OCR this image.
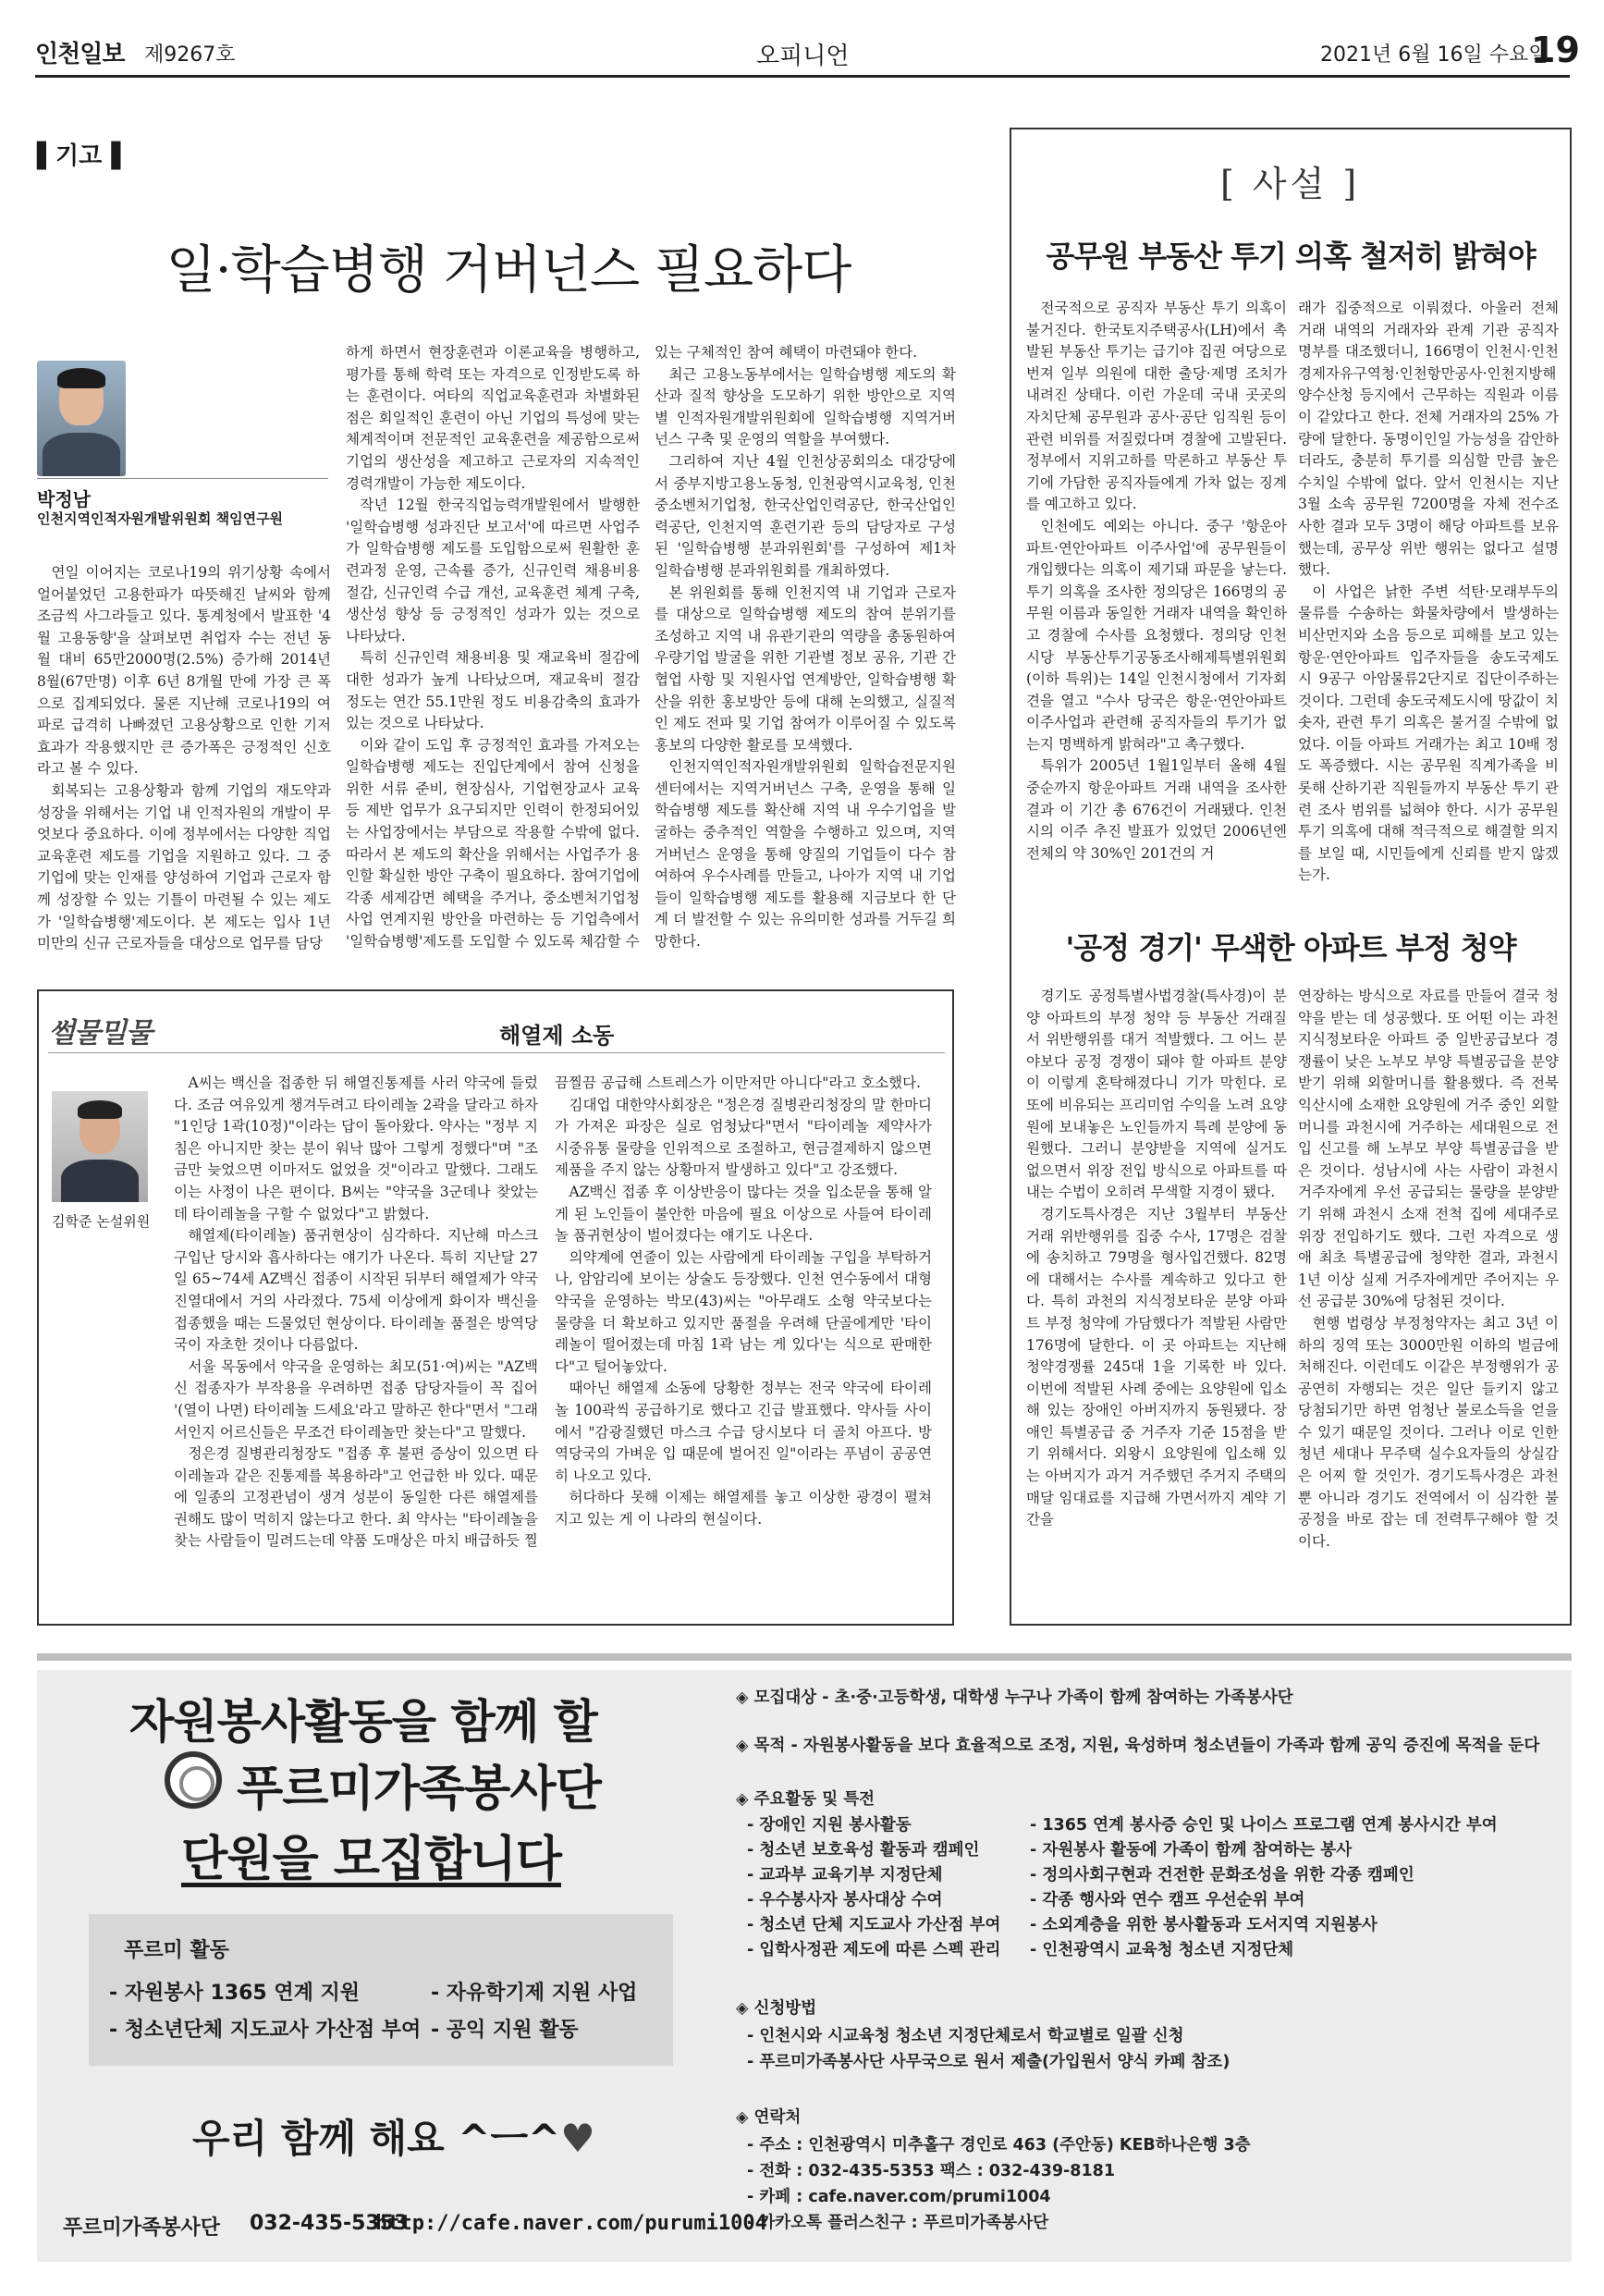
인천일보 제9267호	오피니언	2021년 6월 16일 수요일
19
▌기고▐
일·학습병행 거버넌스 필요하다
박정남
인천지역인적자원개발위원회 책임연구원

연일 이어지는 코로나19의 위기상황 속에서 얼어붙었던 고용한파가 따뜻해진 날씨와 함께 조금씩 사그라들고 있다. 통계청에서 발표한 '4월 고용동향'을 살펴보면 취업자 수는 전년 동월 대비 65만2000명(2.5%) 증가해 2014년 8월(67만명) 이후 6년 8개월 만에 가장 큰 폭으로 집계되었다. 물론 지난해 코로나19의 여파로 급격히 나빠졌던 고용상황으로 인한 기저효과가 작용했지만 큰 증가폭은 긍정적인 신호라고 볼 수 있다.

회복되는 고용상황과 함께 기업의 재도약과 성장을 위해서는 기업 내 인적자원의 개발이 무엇보다 중요하다. 이에 정부에서는 다양한 직업교육훈련 제도를 기업을 지원하고 있다. 그 중 기업에 맞는 인재를 양성하여 기업과 근로자 함께 성장할 수 있는 기틀이 마련될 수 있는 제도가 '일학습병행'제도이다. 본 제도는 입사 1년 미만의 신규 근로자들을 대상으로 업무를 담당

하게 하면서 현장훈련과 이론교육을 병행하고, 평가를 통해 학력 또는 자격으로 인정받도록 하는 훈련이다. 여타의 직업교육훈련과 차별화된 점은 회일적인 훈련이 아닌 기업의 특성에 맞는 체계적이며 전문적인 교육훈련을 제공함으로써 기업의 생산성을 제고하고 근로자의 지속적인 경력개발이 가능한 제도이다.

작년 12월 한국직업능력개발원에서 발행한 '일학습병행 성과진단 보고서'에 따르면 사업주가 일학습병행 제도를 도입함으로써 원활한 훈련과정 운영, 근속률 증가, 신규인력 채용비용 절감, 신규인력 수급 개선, 교육훈련 체계 구축, 생산성 향상 등 긍정적인 성과가 있는 것으로 나타났다.

특히 신규인력 채용비용 및 재교육비 절감에 대한 성과가 높게 나타났으며, 재교육비 절감 정도는 연간 55.1만원 정도 비용감축의 효과가 있는 것으로 나타났다.

이와 같이 도입 후 긍정적인 효과를 가져오는 일학습병행 제도는 진입단계에서 참여 신청을 위한 서류 준비, 현장심사, 기업현장교사 교육 등 제반 업무가 요구되지만 인력이 한정되어있는 사업장에서는 부담으로 작용할 수밖에 없다. 따라서 본 제도의 확산을 위해서는 사업주가 용인할 확실한 방안 구축이 필요하다. 참여기업에 각종 세제감면 혜택을 주거나, 중소벤처기업청 사업 연계지원 방안을 마련하는 등 기업측에서 '일학습병행'제도를 도입할 수 있도록 체감할 수

있는 구체적인 참여 혜택이 마련돼야 한다.

최근 고용노동부에서는 일학습병행 제도의 확산과 질적 향상을 도모하기 위한 방안으로 지역별 인적자원개발위원회에 일학습병행 지역거버넌스 구축 및 운영의 역할을 부여했다.

그리하여 지난 4월 인천상공회의소 대강당에서 중부지방고용노동청, 인천광역시교육청, 인천중소벤처기업청, 한국산업인력공단, 한국산업인력공단, 인천지역 훈련기관 등의 담당자로 구성된 '일학습병행 분과위원회'를 구성하여 제1차 일학습병행 분과위원회를 개최하였다.

본 위원회를 통해 인천지역 내 기업과 근로자를 대상으로 일학습병행 제도의 참여 분위기를 조성하고 지역 내 유관기관의 역량을 총동원하여 우량기업 발굴을 위한 기관별 정보 공유, 기관 간 협업 사항 및 지원사업 연계방안, 일학습병행 확산을 위한 홍보방안 등에 대해 논의했고, 실질적인 제도 전파 및 기업 참여가 이루어질 수 있도록 홍보의 다양한 활로를 모색했다.

인천지역인적자원개발위원회 일학습전문지원센터에서는 지역거버넌스 구축, 운영을 통해 일학습병행 제도를 확산해 지역 내 우수기업을 발굴하는 중추적인 역할을 수행하고 있으며, 지역거버넌스 운영을 통해 양질의 기업들이 다수 참여하여 우수사례를 만들고, 나아가 지역 내 기업들이 일학습병행 제도를 활용해 지금보다 한 단계 더 발전할 수 있는 유의미한 성과를 거두길 희망한다.

[ 사설 ]
공무원 부동산 투기 의혹 철저히 밝혀야

전국적으로 공직자 부동산 투기 의혹이 불거진다. 한국토지주택공사(LH)에서 촉발된 부동산 투기는 급기야 집권 여당으로 번져 일부 의원에 대한 출당·제명 조치가 내려진 상태다. 이런 가운데 국내 곳곳의 자치단체 공무원과 공사·공단 임직원 등이 관련 비위를 저질렀다며 경찰에 고발된다. 정부에서 지위고하를 막론하고 부동산 투기에 가담한 공직자들에게 가차 없는 징계를 예고하고 있다.

인천에도 예외는 아니다. 중구 '항운아파트·연안아파트 이주사업'에 공무원들이 개입했다는 의혹이 제기돼 파문을 낳는다. 투기 의혹을 조사한 정의당은 166명의 공무원 이름과 동일한 거래자 내역을 확인하고 경찰에 수사를 요청했다. 정의당 인천시당 부동산투기공동조사해제특별위원회(이하 특위)는 14일 인천시청에서 기자회견을 열고 "수사 당국은 항운·연안아파트 이주사업과 관련해 공직자들의 투기가 없는지 명백하게 밝혀라"고 촉구했다.

특위가 2005년 1월1일부터 올해 4월 중순까지 항운아파트 거래 내역을 조사한 결과 이 기간 총 676건이 거래됐다. 인천시의 이주 추진 발표가 있었던 2006년엔 전체의 약 30%인 201건의 거

래가 집중적으로 이뤄졌다. 아울러 전체 거래 내역의 거래자와 관계 기관 공직자 명부를 대조했더니, 166명이 인천시·인천경제자유구역청·인천항만공사·인천지방해양수산청 등지에서 근무하는 직원과 이름이 같았다고 한다. 전체 거래자의 25% 가량에 달한다. 동명이인일 가능성을 감안하더라도, 충분히 투기를 의심할 만큼 높은 수치일 수밖에 없다. 앞서 인천시는 지난 3월 소속 공무원 7200명을 자체 전수조사한 결과 모두 3명이 해당 아파트를 보유했는데, 공무상 위반 행위는 없다고 설명했다.

이 사업은 낡한 주변 석탄·모래부두의 물류를 수송하는 화물차량에서 발생하는 비산먼지와 소음 등으로 피해를 보고 있는 항운·연안아파트 입주자들을 송도국제도시 9공구 아암물류2단지로 집단이주하는 것이다. 그런데 송도국제도시에 땅값이 치솟자, 관련 투기 의혹은 불거질 수밖에 없었다. 이들 아파트 거래가는 최고 10배 정도 폭증했다. 시는 공무원 직계가족을 비롯해 산하기관 직원들까지 부동산 투기 관련 조사 범위를 넓혀야 한다. 시가 공무원 투기 의혹에 대해 적극적으로 해결할 의지를 보일 때, 시민들에게 신뢰를 받지 않겠는가.

'공정 경기' 무색한 아파트 부정 청약

경기도 공정특별사법경찰(특사경)이 분양 아파트의 부정 청약 등 부동산 거래질서 위반행위를 대거 적발했다. 그 어느 분야보다 공정 경쟁이 돼야 할 아파트 분양이 이렇게 혼탁해졌다니 기가 막힌다. 로또에 비유되는 프리미엄 수익을 노려 요양원에 보내놓은 노인들까지 특례 분양에 동원했다. 그러니 분양받을 지역에 실거도 없으면서 위장 전입 방식으로 아파트를 따내는 수법이 오히려 무색할 지경이 됐다.

경기도특사경은 지난 3월부터 부동산 거래 위반행위를 집중 수사, 17명은 검찰에 송치하고 79명을 형사입건했다. 82명에 대해서는 수사를 계속하고 있다고 한다. 특히 과천의 지식정보타운 분양 아파트 부정 청약에 가담했다가 적발된 사람만 176명에 달한다. 이 곳 아파트는 지난해 청약경쟁률 245대 1을 기록한 바 있다. 이번에 적발된 사례 중에는 요양원에 입소해 있는 장애인 아버지까지 동원됐다. 장애인 특별공급 중 거주자 기준 15점을 받기 위해서다. 외왕시 요양원에 입소해 있는 아버지가 과거 거주했던 주거지 주택의 매달 임대료를 지급해 가면서까지 계약 기간을

연장하는 방식으로 자료를 만들어 결국 청약을 받는 데 성공했다. 또 어떤 이는 과천 지식정보타운 아파트 중 일반공급보다 경쟁률이 낮은 노부모 부양 특별공급을 분양 받기 위해 외할머니를 활용했다. 즉 전북익산시에 소재한 요양원에 거주 중인 외할머니를 과천시에 거주하는 세대원으로 전입 신고를 해 노부모 부양 특별공급을 받은 것이다. 성남시에 사는 사람이 과천시 거주자에게 우선 공급되는 물량을 분양받기 위해 과천시 소재 전척 집에 세대주로 위장 전입하기도 했다. 그런 자격으로 생애 최초 특별공급에 청약한 결과, 과천시 1년 이상 실제 거주자에게만 주어지는 우선 공급분 30%에 당첨된 것이다.

현행 법령상 부정청약자는 최고 3년 이하의 징역 또는 3000만원 이하의 벌금에 처해진다. 이런데도 이같은 부정행위가 공공연히 자행되는 것은 일단 들키지 않고 당첨되기만 하면 엄청난 불로소득을 얻을 수 있기 때문일 것이다. 그러나 이로 인한 청년 세대나 무주택 실수요자들의 상실감은 어찌 할 것인가. 경기도특사경은 과천 뿐 아니라 경기도 전역에서 이 심각한 불공정을 바로 잡는 데 전력투구해야 할 것이다.

썰물밀물	해열제 소동
김학준 논설위원

A씨는 백신을 접종한 뒤 해열진통제를 사러 약국에 들렀다. 조금 여유있게 챙겨두려고 타이레놀 2곽을 달라고 하자 "1인당 1곽(10정)"이라는 답이 돌아왔다. 약사는 "정부 지침은 아니지만 찾는 분이 워낙 많아 그렇게 정했다"며 "조금만 늦었으면 이마저도 없었을 것"이라고 말했다. 그래도 이는 사정이 나은 편이다. B씨는 "약국을 3군데나 찾았는데 타이레놀을 구할 수 없었다"고 밝혔다.

해열제(타이레놀) 품귀현상이 심각하다. 지난해 마스크 구입난 당시와 흡사하다는 얘기가 나온다. 특히 지난달 27일 65~74세 AZ백신 접종이 시작된 뒤부터 해열제가 약국 진열대에서 거의 사라졌다. 75세 이상에게 화이자 백신을 접종했을 때는 드물었던 현상이다. 타이레놀 품절은 방역당국이 자초한 것이나 다름없다.

서울 목동에서 약국을 운영하는 최모(51·여)씨는 "AZ백신 접종자가 부작용을 우려하면 접종 담당자들이 꼭 집어 '(열이 나면) 타이레놀 드세요'라고 말하곤 한다"면서 "그래서인지 어르신들은 무조건 타이레놀만 찾는다"고 말했다.

정은경 질병관리청장도 "접종 후 불편 증상이 있으면 타이레놀과 같은 진통제를 복용하라"고 언급한 바 있다. 때문에 일종의 고정관념이 생겨 성분이 동일한 다른 해열제를 권해도 많이 먹히지 않는다고 한다. 최 약사는 "타이레놀을 찾는 사람들이 밀려드는데 약품 도매상은 마치 배급하듯 찔

끔찔끔 공급해 스트레스가 이만저만 아니다"라고 호소했다.

김대업 대한약사회장은 "정은경 질병관리청장의 말 한마디가 가져온 파장은 실로 엄청났다"면서 "타이레놀 제약사가 시중유통 물량을 인위적으로 조절하고, 현금결제하지 않으면 제품을 주지 않는 상황마저 발생하고 있다"고 강조했다.

AZ백신 접종 후 이상반응이 많다는 것을 입소문을 통해 알게 된 노인들이 불안한 마음에 필요 이상으로 사들여 타이레놀 품귀현상이 벌어졌다는 얘기도 나온다.

의약계에 연줄이 있는 사람에게 타이레놀 구입을 부탁하거나, 암암리에 보이는 상술도 등장했다. 인천 연수동에서 대형 약국을 운영하는 박모(43)씨는 "아무래도 소형 약국보다는 물량을 더 확보하고 있지만 품절을 우려해 단골에게만 '타이레놀이 떨어졌는데 마침 1곽 남는 게 있다'는 식으로 판매한다"고 털어놓았다.

때아닌 해열제 소동에 당황한 정부는 전국 약국에 타이레놀 100곽씩 공급하기로 했다고 긴급 발표했다. 약사들 사이에서 "감광질했던 마스크 수급 당시보다 더 골치 아프다. 방역당국의 가벼운 입 때문에 벌어진 일"이라는 푸념이 공공연히 나오고 있다.

허다하다 못해 이제는 해열제를 놓고 이상한 광경이 펼쳐지고 있는 게 이 나라의 현실이다.

자원봉사활동을 함께 할
푸르미가족봉사단
단원을 모집합니다
푸르미 활동
- 자원봉사 1365 연계 지원	- 자유학기제 지원 사업
- 청소년단체 지도교사 가산점 부여 - 공익 지원 활동
우리 함께 해요 ^ㅡ^♥
푸르미가족봉사단 032-435-5353
http://cafe.naver.com/purumi1004
◈ 모집대상 - 초·중·고등학생, 대학생 누구나 가족이 함께 참여하는 가족봉사단
◈ 목적 - 자원봉사활동을 보다 효율적으로 조정, 지원, 육성하며 청소년들이 가족과 함께 공익 증진에 목적을 둔다
◈ 주요활동 및 특전
- 장애인 지원 봉사활동
- 청소년 보호육성 활동과 캠페인
- 교과부 교육기부 지정단체
- 우수봉사자 봉사대상 수여
- 청소년 단체 지도교사 가산점 부여
- 입학사정관 제도에 따른 스펙 관리
- 1365 연계 봉사증 승인 및 나이스 프로그램 연계 봉사시간 부여
- 자원봉사 활동에 가족이 함께 참여하는 봉사
- 정의사회구현과 건전한 문화조성을 위한 각종 캠페인
- 각종 행사와 연수 캠프 우선순위 부여
- 소외계층을 위한 봉사활동과 도서지역 지원봉사
- 인천광역시 교육청 청소년 지정단체
◈ 신청방법
- 인천시와 시교육청 청소년 지정단체로서 학교별로 일괄 신청
- 푸르미가족봉사단 사무국으로 원서 제출(가입원서 양식 카페 참조)
◈ 연락처
- 주소 : 인천광역시 미추홀구 경인로 463 (주안동) KEB하나은행 3층
- 전화 : 032-435-5353 팩스 : 032-439-8181
- 카페 : cafe.naver.com/prumi1004
- 카카오톡 플러스친구 : 푸르미가족봉사단
